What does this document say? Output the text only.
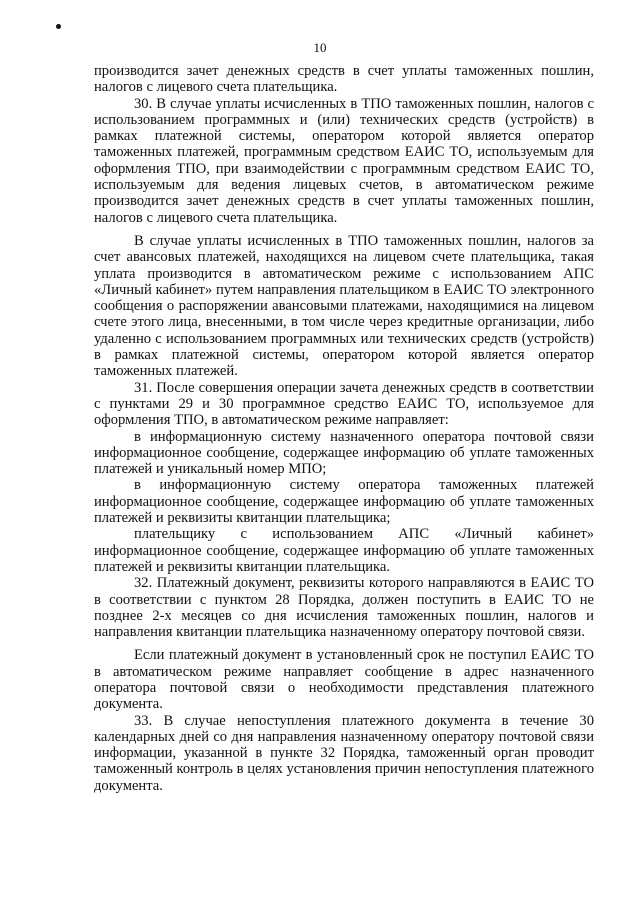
10

производится зачет денежных средств в счет уплаты таможенных пошлин, налогов с лицевого счета плательщика.

30. В случае уплаты исчисленных в ТПО таможенных пошлин, налогов с использованием программных и (или) технических средств (устройств) в рамках платежной системы, оператором которой является оператор таможенных платежей, программным средством ЕАИС ТО, используемым для оформления ТПО, при взаимодействии с программным средством ЕАИС ТО, используемым для ведения лицевых счетов, в автоматическом режиме производится зачет денежных средств в счет уплаты таможенных пошлин, налогов с лицевого счета плательщика.

В случае уплаты исчисленных в ТПО таможенных пошлин, налогов за счет авансовых платежей, находящихся на лицевом счете плательщика, такая уплата производится в автоматическом режиме с использованием АПС «Личный кабинет» путем направления плательщиком в ЕАИС ТО электронного сообщения о распоряжении авансовыми платежами, находящимися на лицевом счете этого лица, внесенными, в том числе через кредитные организации, либо удаленно с использованием программных или технических средств (устройств) в рамках платежной системы, оператором которой является оператор таможенных платежей.

31. После совершения операции зачета денежных средств в соответствии с пунктами 29 и 30 программное средство ЕАИС ТО, используемое для оформления ТПО, в автоматическом режиме направляет:

в информационную систему назначенного оператора почтовой связи информационное сообщение, содержащее информацию об уплате таможенных платежей и уникальный номер МПО;

в информационную систему оператора таможенных платежей информационное сообщение, содержащее информацию об уплате таможенных платежей и реквизиты квитанции плательщика;

плательщику с использованием АПС «Личный кабинет» информационное сообщение, содержащее информацию об уплате таможенных платежей и реквизиты квитанции плательщика.

32. Платежный документ, реквизиты которого направляются в ЕАИС ТО в соответствии с пунктом 28 Порядка, должен поступить в ЕАИС ТО не позднее 2-х месяцев со дня исчисления таможенных пошлин, налогов и направления квитанции плательщика назначенному оператору почтовой связи.

Если платежный документ в установленный срок не поступил ЕАИС ТО в автоматическом режиме направляет сообщение в адрес назначенного оператора почтовой связи о необходимости представления платежного документа.

33. В случае непоступления платежного документа в течение 30 календарных дней со дня направления назначенному оператору почтовой связи информации, указанной в пункте 32 Порядка, таможенный орган проводит таможенный контроль в целях установления причин непоступления платежного документа.
